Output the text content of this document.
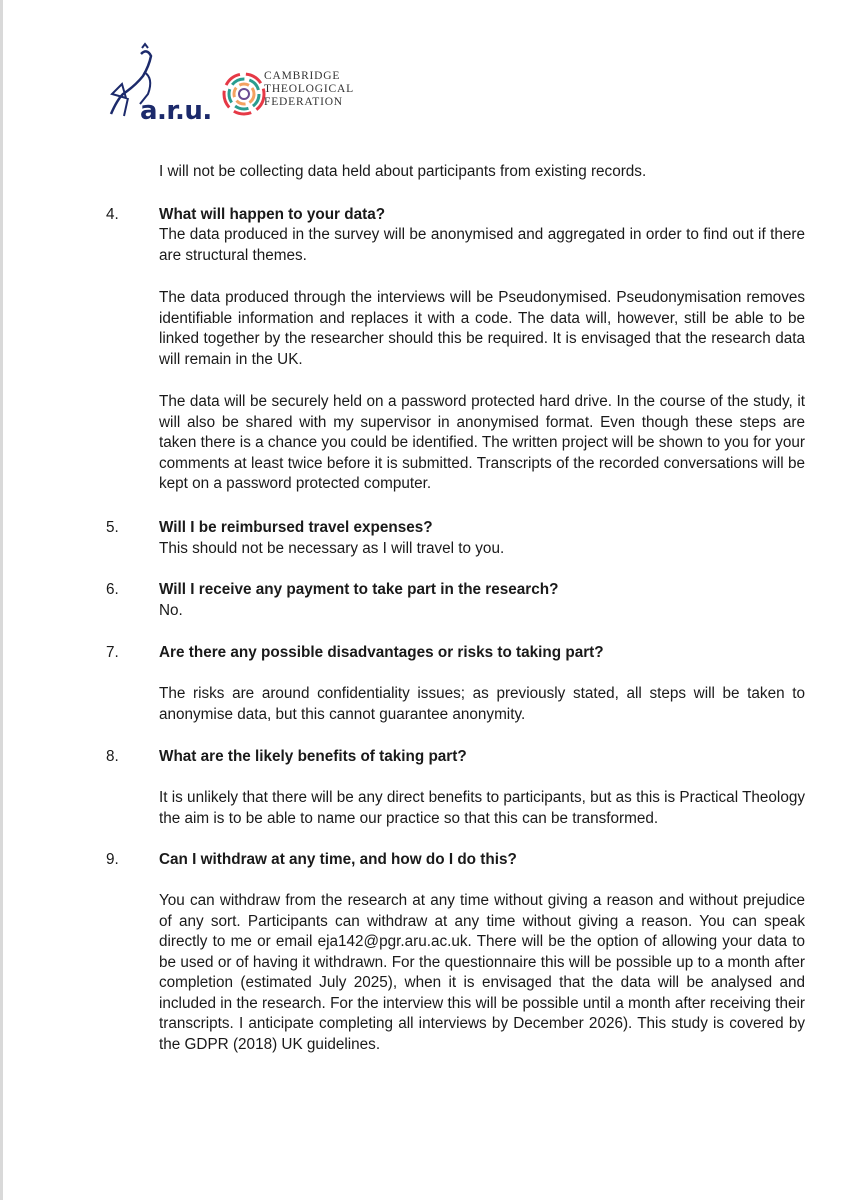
a.r.u.
CAMBRIDGE
THEOLOGICAL
FEDERATION
I will not be collecting data held about participants from existing records.
4.	What will happen to your data?

The data produced in the survey will be anonymised and aggregated in order to find out if there are structural themes.

The data produced through the interviews will be Pseudonymised. Pseudonymisation removes identifiable information and replaces it with a code. The data will, however, still be able to be linked together by the researcher should this be required. It is envisaged that the research data will remain in the UK.

The data will be securely held on a password protected hard drive. In the course of the study, it will also be shared with my supervisor in anonymised format. Even though these steps are taken there is a chance you could be identified. The written project will be shown to you for your comments at least twice before it is submitted. Transcripts of the recorded conversations will be kept on a password protected computer.

5.	Will I be reimbursed travel expenses?

This should not be necessary as I will travel to you.

6.	Will I receive any payment to take part in the research?

No.

7.	Are there any possible disadvantages or risks to taking part?

The risks are around confidentiality issues; as previously stated, all steps will be taken to anonymise data, but this cannot guarantee anonymity.

8.	What are the likely benefits of taking part?

It is unlikely that there will be any direct benefits to participants, but as this is Practical Theology the aim is to be able to name our practice so that this can be transformed.

9.	Can I withdraw at any time, and how do I do this?

You can withdraw from the research at any time without giving a reason and without prejudice of any sort. Participants can withdraw at any time without giving a reason. You can speak directly to me or email eja142@pgr.aru.ac.uk. There will be the option of allowing your data to be used or of having it withdrawn. For the questionnaire this will be possible up to a month after completion (estimated July 2025), when it is envisaged that the data will be analysed and included in the research. For the interview this will be possible until a month after receiving their transcripts. I anticipate completing all interviews by December 2026). This study is covered by the GDPR (2018) UK guidelines.
